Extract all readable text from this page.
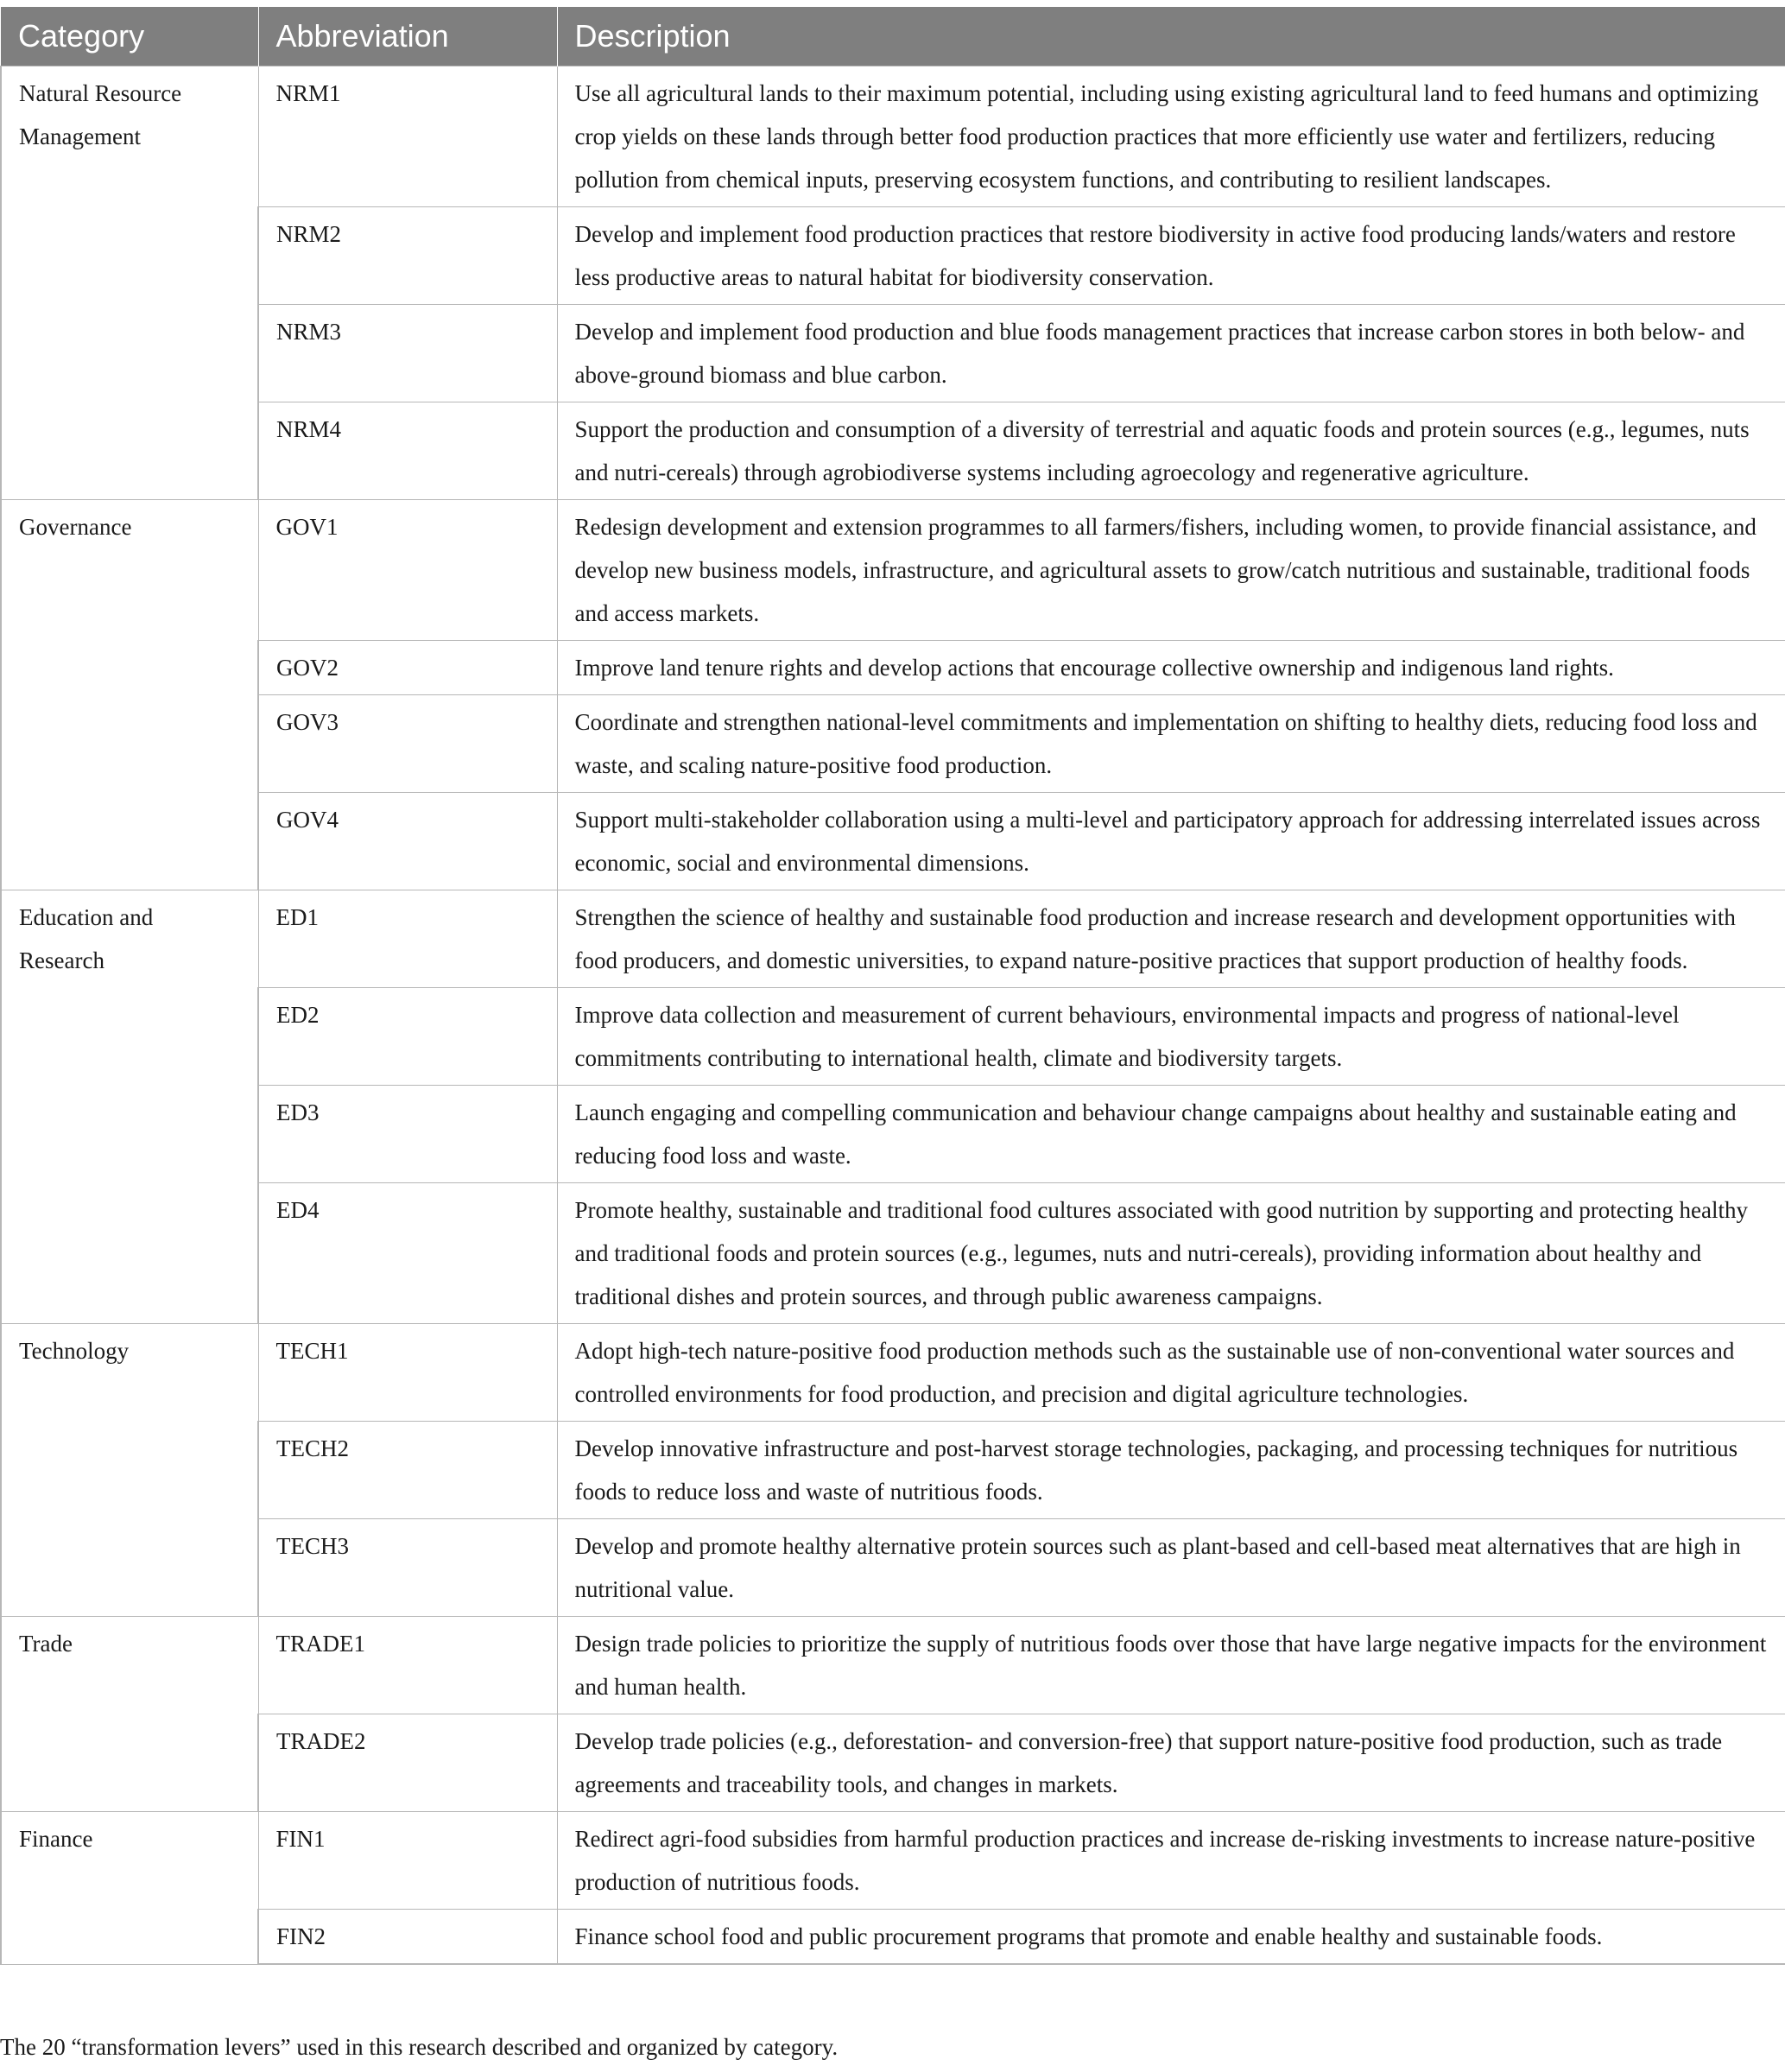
Category	Abbreviation	Description
Natural Resource Management	NRM1	Use all agricultural lands to their maximum potential, including using existing agricultural land to feed humans and optimizing crop yields on these lands through better food production practices that more efficiently use water and fertilizers, reducing pollution from chemical inputs, preserving ecosystem functions, and contributing to resilient landscapes.
	NRM2	Develop and implement food production practices that restore biodiversity in active food producing lands/waters and restore less productive areas to natural habitat for biodiversity conservation.
	NRM3	Develop and implement food production and blue foods management practices that increase carbon stores in both below- and above-ground biomass and blue carbon.
	NRM4	Support the production and consumption of a diversity of terrestrial and aquatic foods and protein sources (e.g., legumes, nuts and nutri-cereals) through agrobiodiverse systems including agroecology and regenerative agriculture.
Governance	GOV1	Redesign development and extension programmes to all farmers/fishers, including women, to provide financial assistance, and develop new business models, infrastructure, and agricultural assets to grow/catch nutritious and sustainable, traditional foods and access markets.
	GOV2	Improve land tenure rights and develop actions that encourage collective ownership and indigenous land rights.
	GOV3	Coordinate and strengthen national-level commitments and implementation on shifting to healthy diets, reducing food loss and waste, and scaling nature-positive food production.
	GOV4	Support multi-stakeholder collaboration using a multi-level and participatory approach for addressing interrelated issues across economic, social and environmental dimensions.
Education and Research	ED1	Strengthen the science of healthy and sustainable food production and increase research and development opportunities with food producers, and domestic universities, to expand nature-positive practices that support production of healthy foods.
	ED2	Improve data collection and measurement of current behaviours, environmental impacts and progress of national-level commitments contributing to international health, climate and biodiversity targets.
	ED3	Launch engaging and compelling communication and behaviour change campaigns about healthy and sustainable eating and reducing food loss and waste.
	ED4	Promote healthy, sustainable and traditional food cultures associated with good nutrition by supporting and protecting healthy and traditional foods and protein sources (e.g., legumes, nuts and nutri-cereals), providing information about healthy and traditional dishes and protein sources, and through public awareness campaigns.
Technology	TECH1	Adopt high-tech nature-positive food production methods such as the sustainable use of non-conventional water sources and controlled environments for food production, and precision and digital agriculture technologies.
	TECH2	Develop innovative infrastructure and post-harvest storage technologies, packaging, and processing techniques for nutritious foods to reduce loss and waste of nutritious foods.
	TECH3	Develop and promote healthy alternative protein sources such as plant-based and cell-based meat alternatives that are high in nutritional value.
Trade	TRADE1	Design trade policies to prioritize the supply of nutritious foods over those that have large negative impacts for the environment and human health.
	TRADE2	Develop trade policies (e.g., deforestation- and conversion-free) that support nature-positive food production, such as trade agreements and traceability tools, and changes in markets.
Finance	FIN1	Redirect agri-food subsidies from harmful production practices and increase de-risking investments to increase nature-positive production of nutritious foods.
	FIN2	Finance school food and public procurement programs that promote and enable healthy and sustainable foods.
The 20 “transformation levers” used in this research described and organized by category.
